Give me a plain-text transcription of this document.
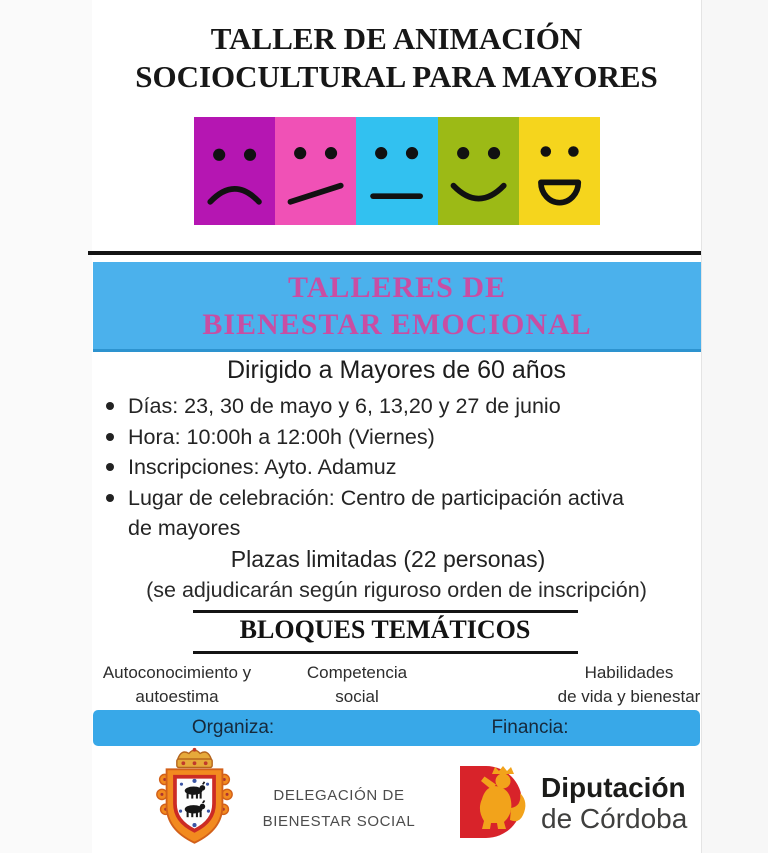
TALLER DE ANIMACIÓN
SOCIOCULTURAL PARA MAYORES
TALLERES DE
BIENESTAR EMOCIONAL
Dirigido a Mayores de 60 años
Días: 23, 30 de mayo y 6, 13,20 y 27 de junio
Hora: 10:00h a 12:00h (Viernes)
Inscripciones: Ayto. Adamuz
Lugar de celebración: Centro de participación activa de mayores
Plazas limitadas (22 personas)
(se adjudicarán según riguroso orden de inscripción)
BLOQUES TEMÁTICOS
Autoconocimiento y
autoestima
Competencia
social
Habilidades
de vida y bienestar
Organiza:	Financia:
DELEGACIÓN DE
BIENESTAR SOCIAL
Diputación
de Córdoba
